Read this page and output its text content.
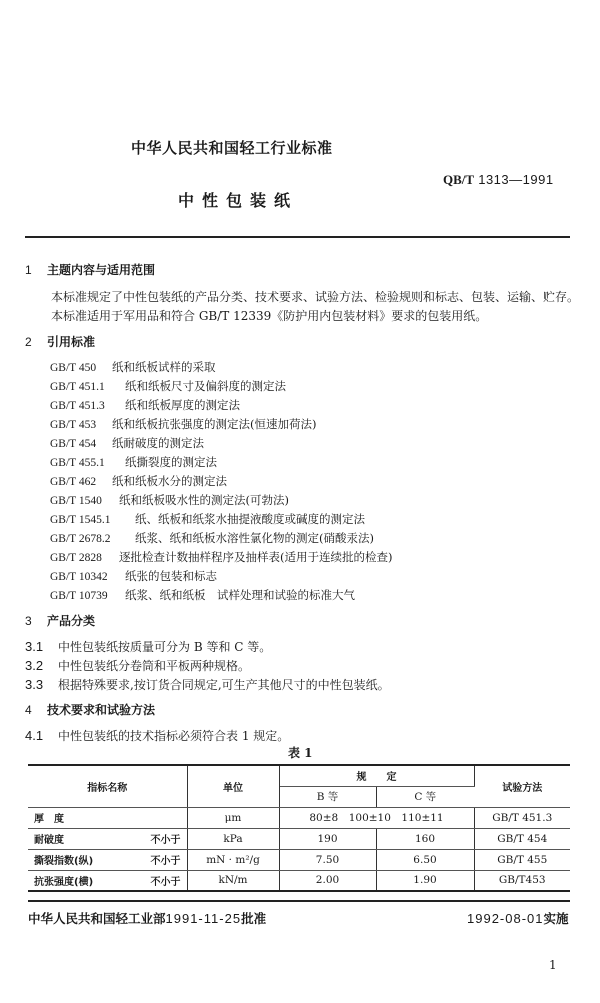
中华人民共和国轻工行业标准
QB/T 1313—1991
中性包装纸
1 主题内容与适用范围
本标准规定了中性包装纸的产品分类、技术要求、试验方法、检验规则和标志、包装、运输、贮存。
本标准适用于军用品和符合 GB/T 12339《防护用内包装材料》要求的包装用纸。
2 引用标准
GB/T 450 纸和纸板试样的采取
GB/T 451.1 纸和纸板尺寸及偏斜度的测定法
GB/T 451.3 纸和纸板厚度的测定法
GB/T 453 纸和纸板抗张强度的测定法(恒速加荷法)
GB/T 454 纸耐破度的测定法
GB/T 455.1 纸撕裂度的测定法
GB/T 462 纸和纸板水分的测定法
GB/T 1540 纸和纸板吸水性的测定法(可勃法)
GB/T 1545.1 纸、纸板和纸浆水抽提液酸度或碱度的测定法
GB/T 2678.2 纸浆、纸和纸板水溶性氯化物的测定(硝酸汞法)
GB/T 2828 逐批检查计数抽样程序及抽样表(适用于连续批的检查)
GB/T 10342 纸张的包装和标志
GB/T 10739 纸浆、纸和纸板　试样处理和试验的标准大气
3 产品分类
3.1 中性包装纸按质量可分为 B 等和 C 等。
3.2 中性包装纸分卷筒和平板两种规格。
3.3 根据特殊要求,按订货合同规定,可生产其他尺寸的中性包装纸。
4 技术要求和试验方法
4.1 中性包装纸的技术指标必须符合表 1 规定。
表 1
指标名称	单位	规　　定		试验方法
		B 等	C 等	
厚　度	μm	80±8　100±10　110±11		GB/T 451.3
耐破度 不小于	kPa	190	160	GB/T 454
撕裂指数(纵) 不小于	mN · m²/g	7.50	6.50	GB/T 455
抗张强度(横) 不小于	kN/m	2.00	1.90	GB/T453
中华人民共和国轻工业部1991-11-25批准	1992-08-01实施
1
